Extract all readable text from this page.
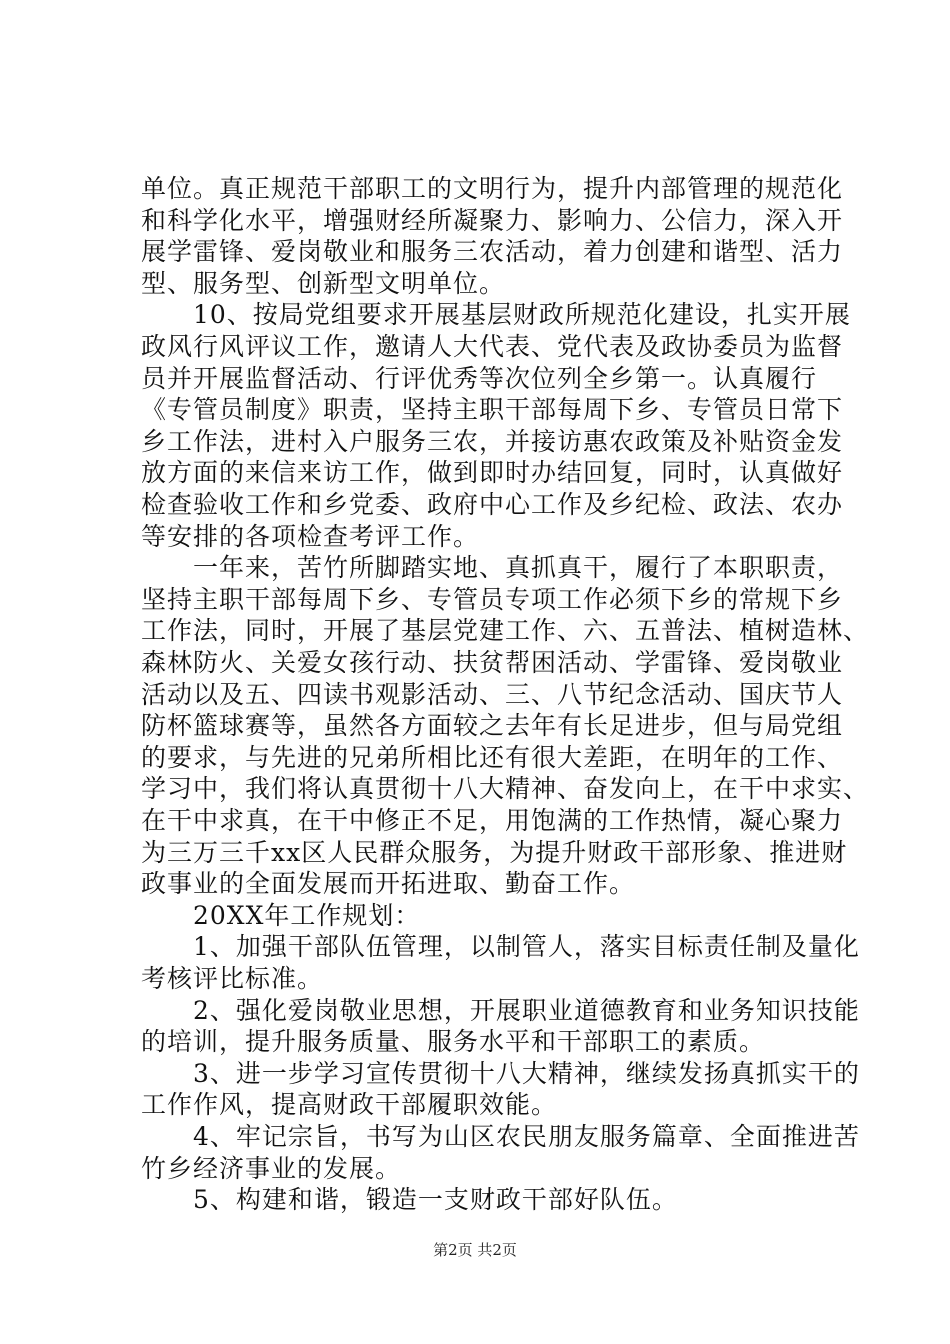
单位。真正规范干部职工的文明行为，提升内部管理的规范化
和科学化水平，增强财经所凝聚力、影响力、公信力，深入开
展学雷锋、爱岗敬业和服务三农活动，着力创建和谐型、活力
型、服务型、创新型文明单位。
　　10、按局党组要求开展基层财政所规范化建设，扎实开展
政风行风评议工作，邀请人大代表、党代表及政协委员为监督
员并开展监督活动、行评优秀等次位列全乡第一。认真履行
《专管员制度》职责，坚持主职干部每周下乡、专管员日常下
乡工作法，进村入户服务三农，并接访惠农政策及补贴资金发
放方面的来信来访工作，做到即时办结回复，同时，认真做好
检查验收工作和乡党委、政府中心工作及乡纪检、政法、农办
等安排的各项检查考评工作。
　　一年来，苦竹所脚踏实地、真抓真干，履行了本职职责，
坚持主职干部每周下乡、专管员专项工作必须下乡的常规下乡
工作法，同时，开展了基层党建工作、六、五普法、植树造林、
森林防火、关爱女孩行动、扶贫帮困活动、学雷锋、爱岗敬业
活动以及五、四读书观影活动、三、八节纪念活动、国庆节人
防杯篮球赛等，虽然各方面较之去年有长足进步，但与局党组
的要求，与先进的兄弟所相比还有很大差距，在明年的工作、
学习中，我们将认真贯彻十八大精神、奋发向上，在干中求实、
在干中求真，在干中修正不足，用饱满的工作热情，凝心聚力
为三万三千xx区人民群众服务，为提升财政干部形象、推进财
政事业的全面发展而开拓进取、勤奋工作。
　　20XX年工作规划：
　　1、加强干部队伍管理，以制管人，落实目标责任制及量化
考核评比标准。
　　2、强化爱岗敬业思想，开展职业道德教育和业务知识技能
的培训，提升服务质量、服务水平和干部职工的素质。
　　3、进一步学习宣传贯彻十八大精神，继续发扬真抓实干的
工作作风，提高财政干部履职效能。
　　4、牢记宗旨，书写为山区农民朋友服务篇章、全面推进苦
竹乡经济事业的发展。
　　5、构建和谐，锻造一支财政干部好队伍。
第2页 共2页
